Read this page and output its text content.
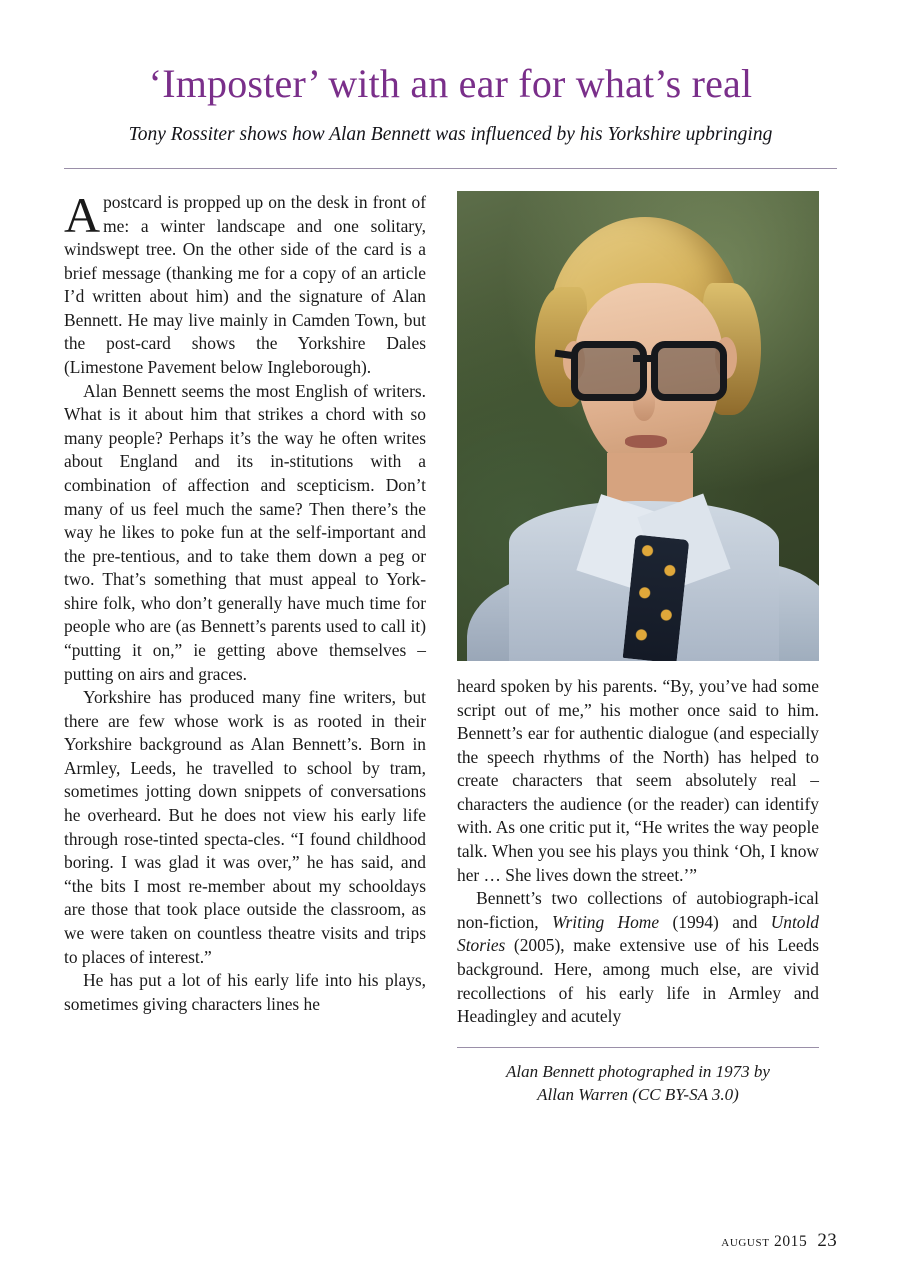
‘Imposter’ with an ear for what’s real
Tony Rossiter shows how Alan Bennett was influenced by his Yorkshire upbringing

Apostcard is propped up on the desk in front of me: a winter landscape and one solitary, windswept tree. On the other side of the card is a brief message (thanking me for a copy of an article I’d written about him) and the signature of Alan Bennett. He may live mainly in Camden Town, but the post-card shows the Yorkshire Dales (Limestone Pavement below Ingleborough).

Alan Bennett seems the most English of writers. What is it about him that strikes a chord with so many people? Perhaps it’s the way he often writes about England and its in-stitutions with a combination of affection and scepticism. Don’t many of us feel much the same? Then there’s the way he likes to poke fun at the self-important and the pre-tentious, and to take them down a peg or two. That’s something that must appeal to York-shire folk, who don’t generally have much time for people who are (as Bennett’s parents used to call it) “putting it on,” ie getting above themselves – putting on airs and graces.

Yorkshire has produced many fine writers, but there are few whose work is as rooted in their Yorkshire background as Alan Bennett’s. Born in Armley, Leeds, he travelled to school by tram, sometimes jotting down snippets of conversations he overheard. But he does not view his early life through rose-tinted specta-cles. “I found childhood boring. I was glad it was over,” he has said, and “the bits I most re-member about my schooldays are those that took place outside the classroom, as we were taken on countless theatre visits and trips to places of interest.”

He has put a lot of his early life into his plays, sometimes giving characters lines he

heard spoken by his parents. “By, you’ve had some script out of me,” his mother once said to him. Bennett’s ear for authentic dialogue (and especially the speech rhythms of the North) has helped to create characters that seem absolutely real – characters the audience (or the reader) can identify with. As one critic put it, “He writes the way people talk. When you see his plays you think ‘Oh, I know her … She lives down the street.’”

Bennett’s two collections of autobiograph-ical non-fiction, Writing Home (1994) and Untold Stories (2005), make extensive use of his Leeds background. Here, among much else, are vivid recollections of his early life in Armley and Headingley and acutely

Alan Bennett photographed in 1973 by
Allan Warren (CC BY-SA 3.0)

august 2015 23
